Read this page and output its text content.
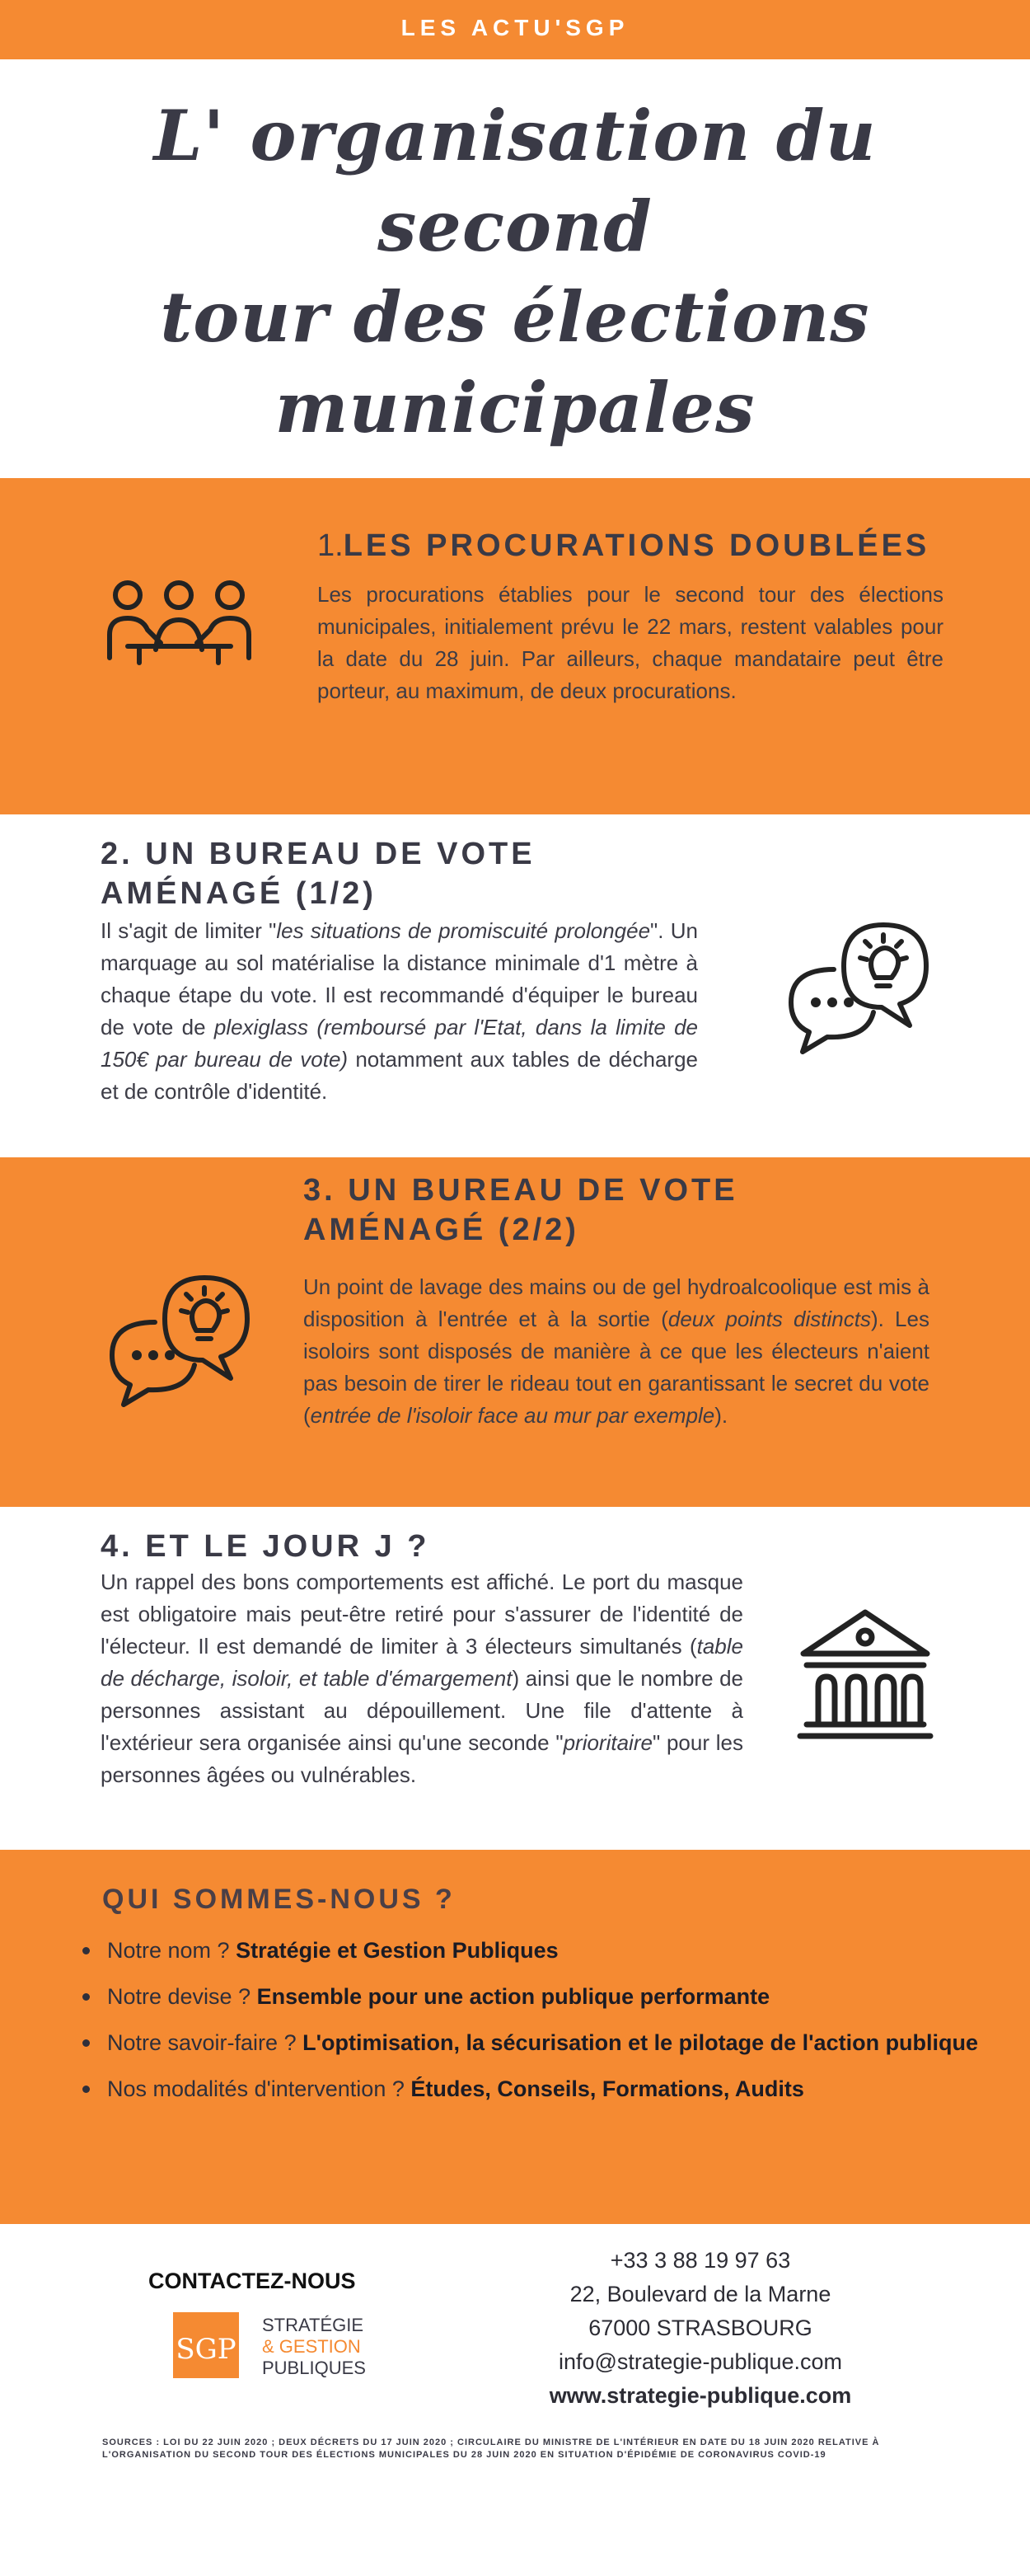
LES ACTU'SGP
L' organisation du second
tour des élections
municipales
1.LES PROCURATIONS DOUBLÉES
Les procurations établies pour le second tour des élections municipales, initialement prévu le 22 mars, restent valables pour la date du 28 juin. Par ailleurs, chaque mandataire peut être porteur, au maximum, de deux procurations.
2. UN BUREAU DE VOTE
AMÉNAGÉ (1/2)
Il s'agit de limiter "les situations de promiscuité prolongée". Un marquage au sol matérialise la distance minimale d'1 mètre à chaque étape du vote. Il est recommandé d'équiper le bureau de vote de plexiglass (remboursé par l'Etat, dans la limite de 150€ par bureau de vote) notamment aux tables de décharge et de contrôle d'identité.
3. UN BUREAU DE VOTE
AMÉNAGÉ (2/2)
Un point de lavage des mains ou de gel hydroalcoolique est mis à disposition à l'entrée et à la sortie (deux points distincts). Les isoloirs sont disposés de manière à ce que les électeurs n'aient pas besoin de tirer le rideau tout en garantissant le secret du vote (entrée de l'isoloir face au mur par exemple).
4. ET LE JOUR J ?
Un rappel des bons comportements est affiché. Le port du masque est obligatoire mais peut-être retiré pour s'assurer de l'identité de l'électeur. Il est demandé de limiter à 3 électeurs simultanés (table de décharge, isoloir, et table d'émargement) ainsi que le nombre de personnes assistant au dépouillement. Une file d'attente à l'extérieur sera organisée ainsi qu'une seconde "prioritaire" pour les personnes âgées ou vulnérables.
QUI SOMMES-NOUS ?
Notre nom ? Stratégie et Gestion Publiques
Notre devise ? Ensemble pour une action publique performante
Notre savoir-faire ? L'optimisation, la sécurisation et le pilotage de l'action publique
Nos modalités d'intervention ? Études, Conseils, Formations, Audits
CONTACTEZ-NOUS
SGP
STRATÉGIE
& GESTION
PUBLIQUES
+33 3 88 19 97 63
22, Boulevard de la Marne
67000 STRASBOURG
info@strategie-publique.com
www.strategie-publique.com
SOURCES : LOI DU 22 JUIN 2020 ; DEUX DÉCRETS DU 17 JUIN 2020 ; CIRCULAIRE DU MINISTRE DE L'INTÉRIEUR EN DATE DU 18 JUIN 2020 RELATIVE À L'ORGANISATION DU SECOND TOUR DES ÉLECTIONS MUNICIPALES DU 28 JUIN 2020 EN SITUATION D'ÉPIDÉMIE DE CORONAVIRUS COVID-19
